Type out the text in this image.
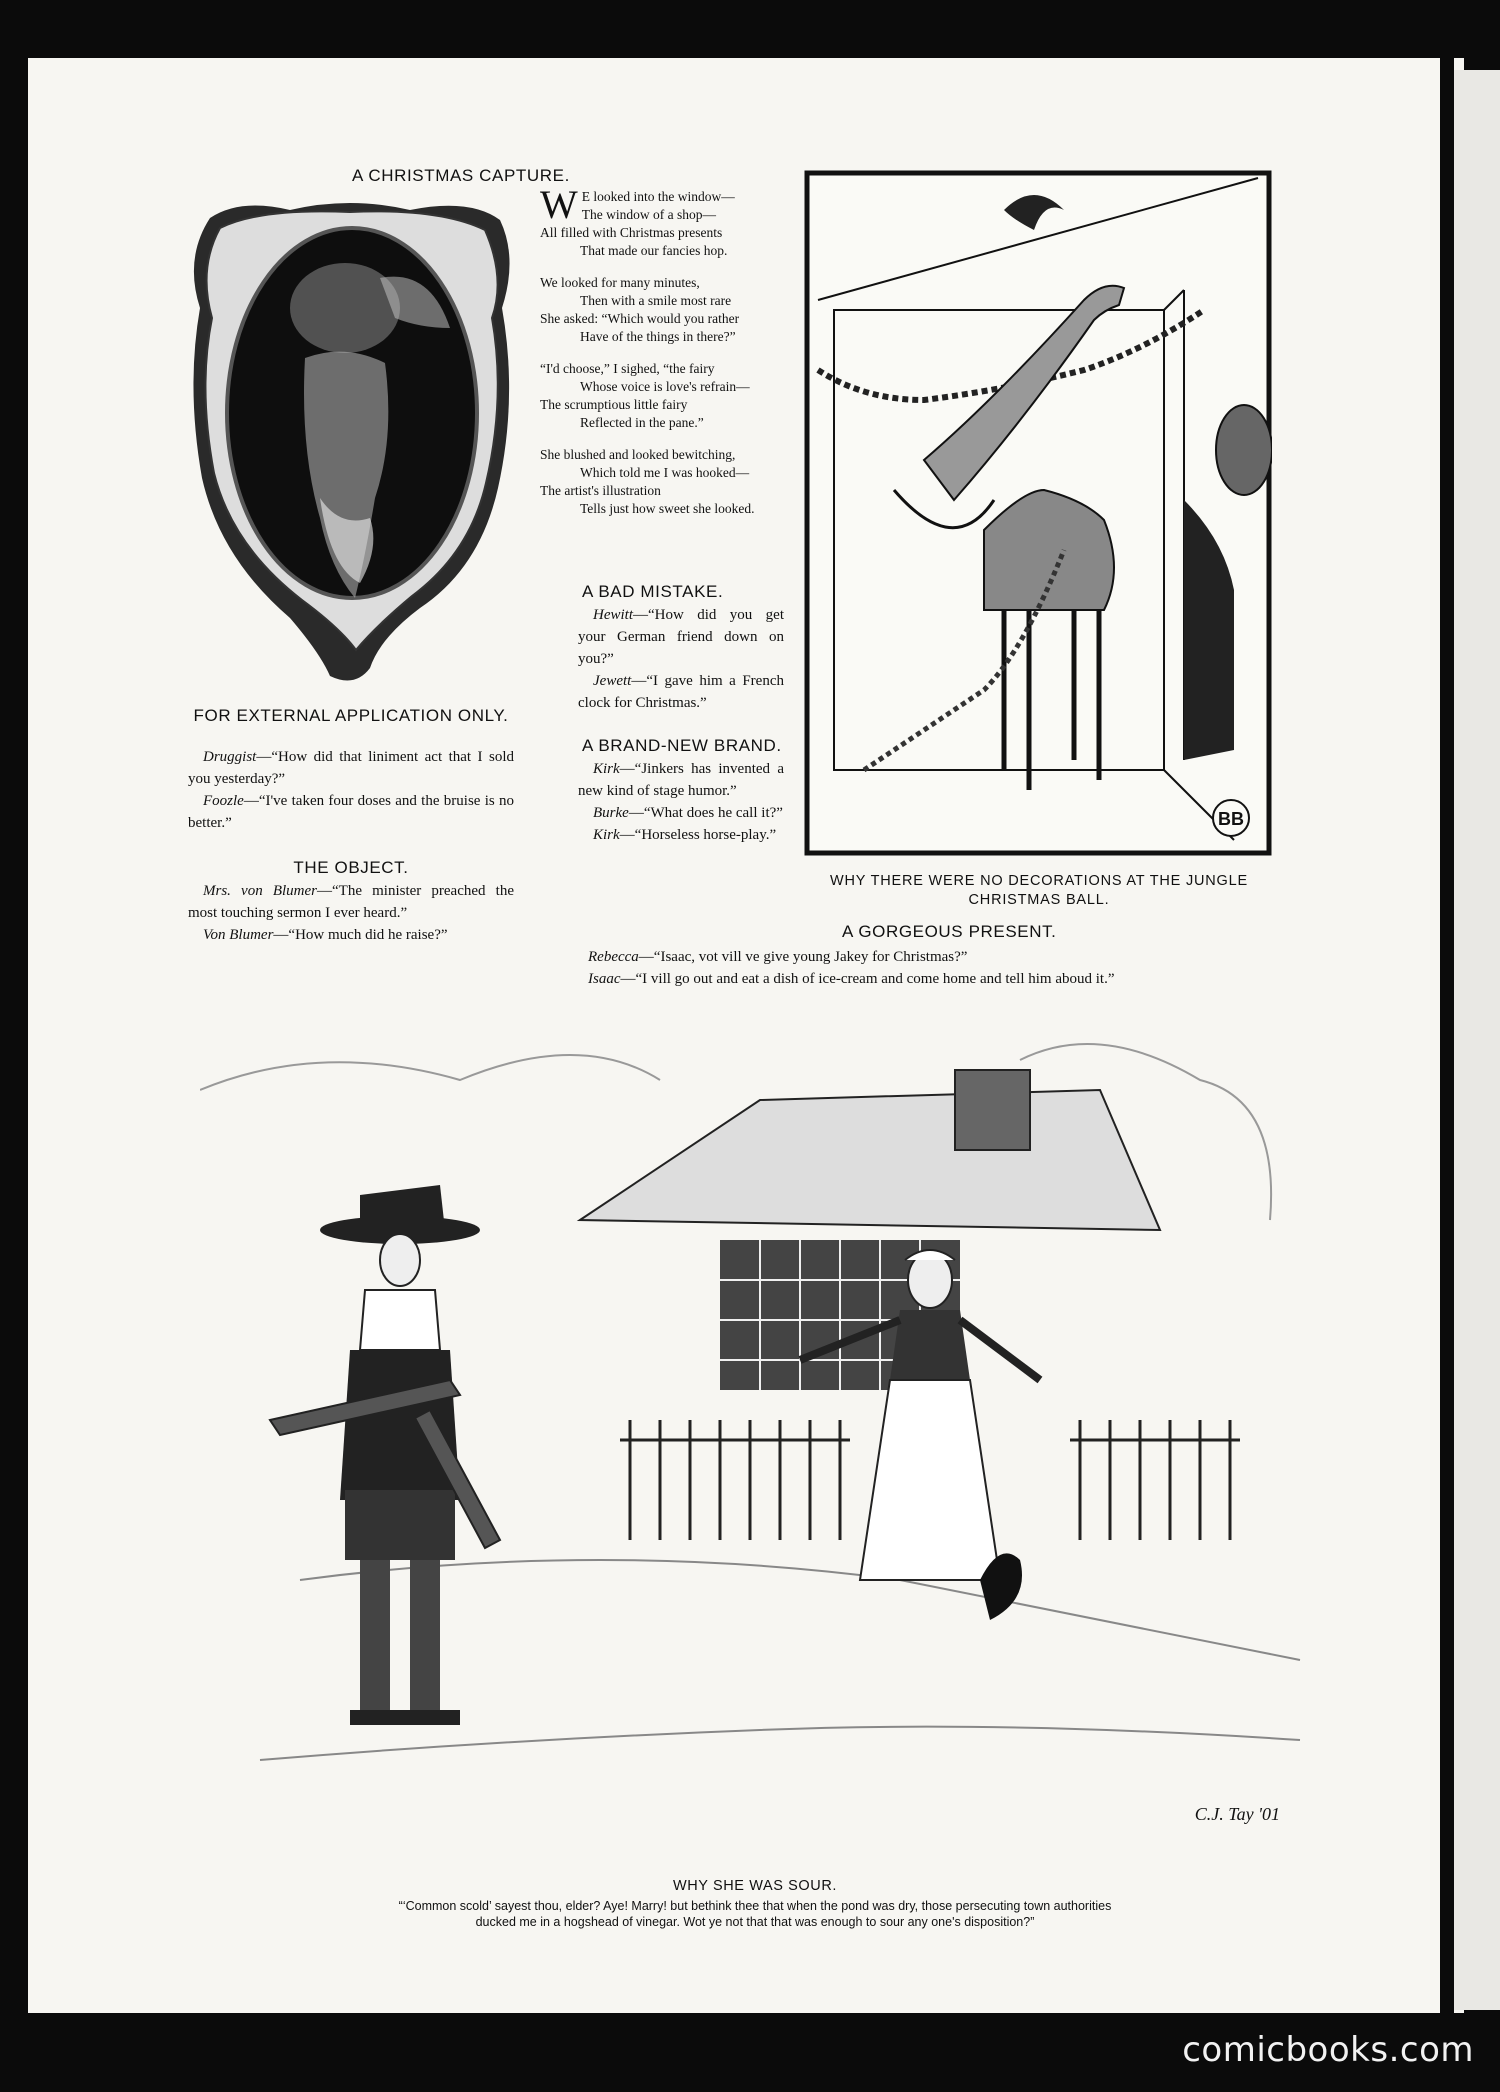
A CHRISTMAS CAPTURE.

W E looked into the window—
The window of a shop—
All filled with Christmas presents
That made our fancies hop.

We looked for many minutes,
Then with a smile most rare
She asked: “Which would you rather
Have of the things in there?”

“I'd choose,” I sighed, “the fairy
Whose voice is love's refrain—
The scrumptious little fairy
Reflected in the pane.”

She blushed and looked bewitching,
Which told me I was hooked—
The artist's illustration
Tells just how sweet she looked.

A BAD MISTAKE.

 Hewitt—“How did you get your German friend down on you?”

 Jewett—“I gave him a French clock for Christmas.”

A BRAND-NEW BRAND.

 Kirk—“Jinkers has invented a new kind of stage humor.”

 Burke—“What does he call it?”

 Kirk—“Horseless horse-play.”

FOR EXTERNAL APPLICATION ONLY.

 Druggist—“How did that liniment act that I sold you yesterday?”

 Foozle—“I've taken four doses and the bruise is no better.”

THE OBJECT.

 Mrs. von Blumer—“The minister preached the most touching sermon I ever heard.”

 Von Blumer—“How much did he raise?”

BB
WHY THERE WERE NO DECORATIONS AT THE JUNGLE CHRISTMAS BALL.
A GORGEOUS PRESENT.

Rebecca—“Isaac, vot vill ve give young Jakey for Christmas?”

Isaac—“I vill go out and eat a dish of ice-cream and come home and tell him aboud it.”

C.J. Tay '01
WHY SHE WAS SOUR.
“‘Common scold’ sayest thou, elder? Aye! Marry! but bethink thee that when the pond was dry, those persecuting town authorities
ducked me in a hogshead of vinegar. Wot ye not that that was enough to sour any one's disposition?”
comicbooks.com
